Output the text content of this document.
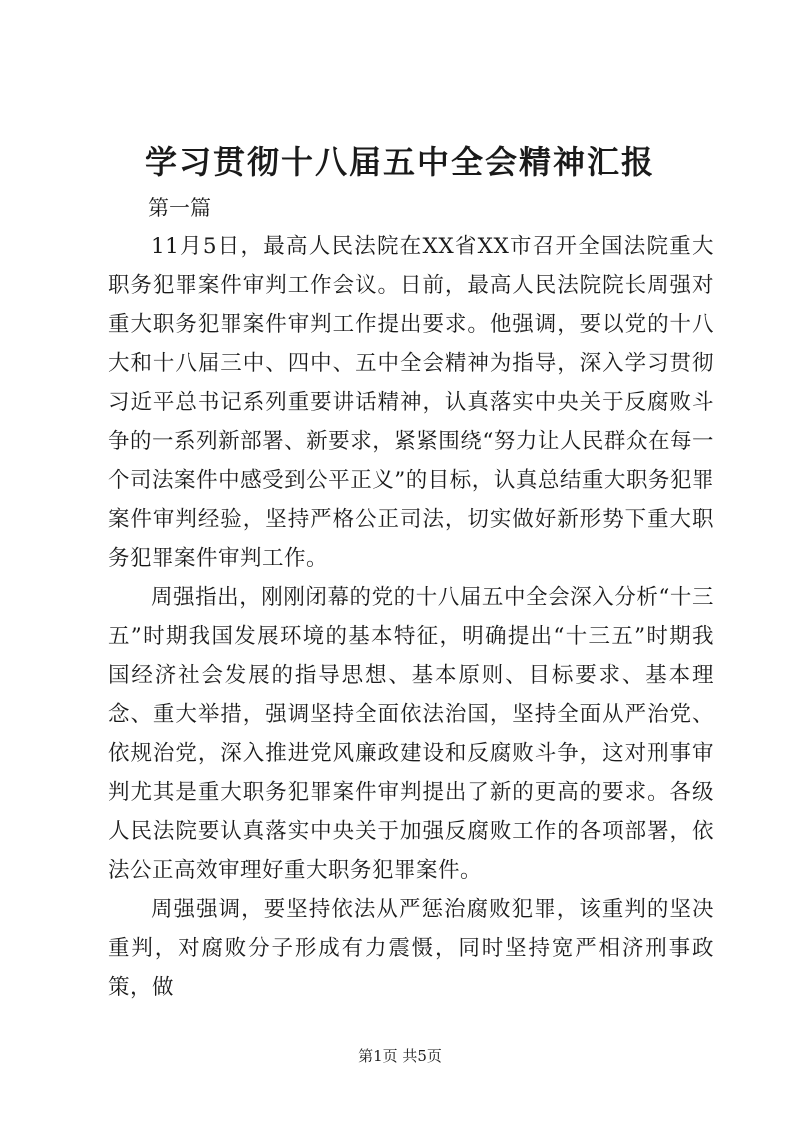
学习贯彻十八届五中全会精神汇报
第一篇

11月5日，最高人民法院在XX省XX市召开全国法院重大职务犯罪案件审判工作会议。日前，最高人民法院院长周强对重大职务犯罪案件审判工作提出要求。他强调，要以党的十八大和十八届三中、四中、五中全会精神为指导，深入学习贯彻习近平总书记系列重要讲话精神，认真落实中央关于反腐败斗争的一系列新部署、新要求，紧紧围绕“努力让人民群众在每一个司法案件中感受到公平正义”的目标，认真总结重大职务犯罪案件审判经验，坚持严格公正司法，切实做好新形势下重大职务犯罪案件审判工作。

周强指出，刚刚闭幕的党的十八届五中全会深入分析“十三五”时期我国发展环境的基本特征，明确提出“十三五”时期我国经济社会发展的指导思想、基本原则、目标要求、基本理念、重大举措，强调坚持全面依法治国，坚持全面从严治党、依规治党，深入推进党风廉政建设和反腐败斗争，这对刑事审判尤其是重大职务犯罪案件审判提出了新的更高的要求。各级人民法院要认真落实中央关于加强反腐败工作的各项部署，依法公正高效审理好重大职务犯罪案件。

周强强调，要坚持依法从严惩治腐败犯罪，该重判的坚决重判，对腐败分子形成有力震慑，同时坚持宽严相济刑事政策，做

第1页 共5页
